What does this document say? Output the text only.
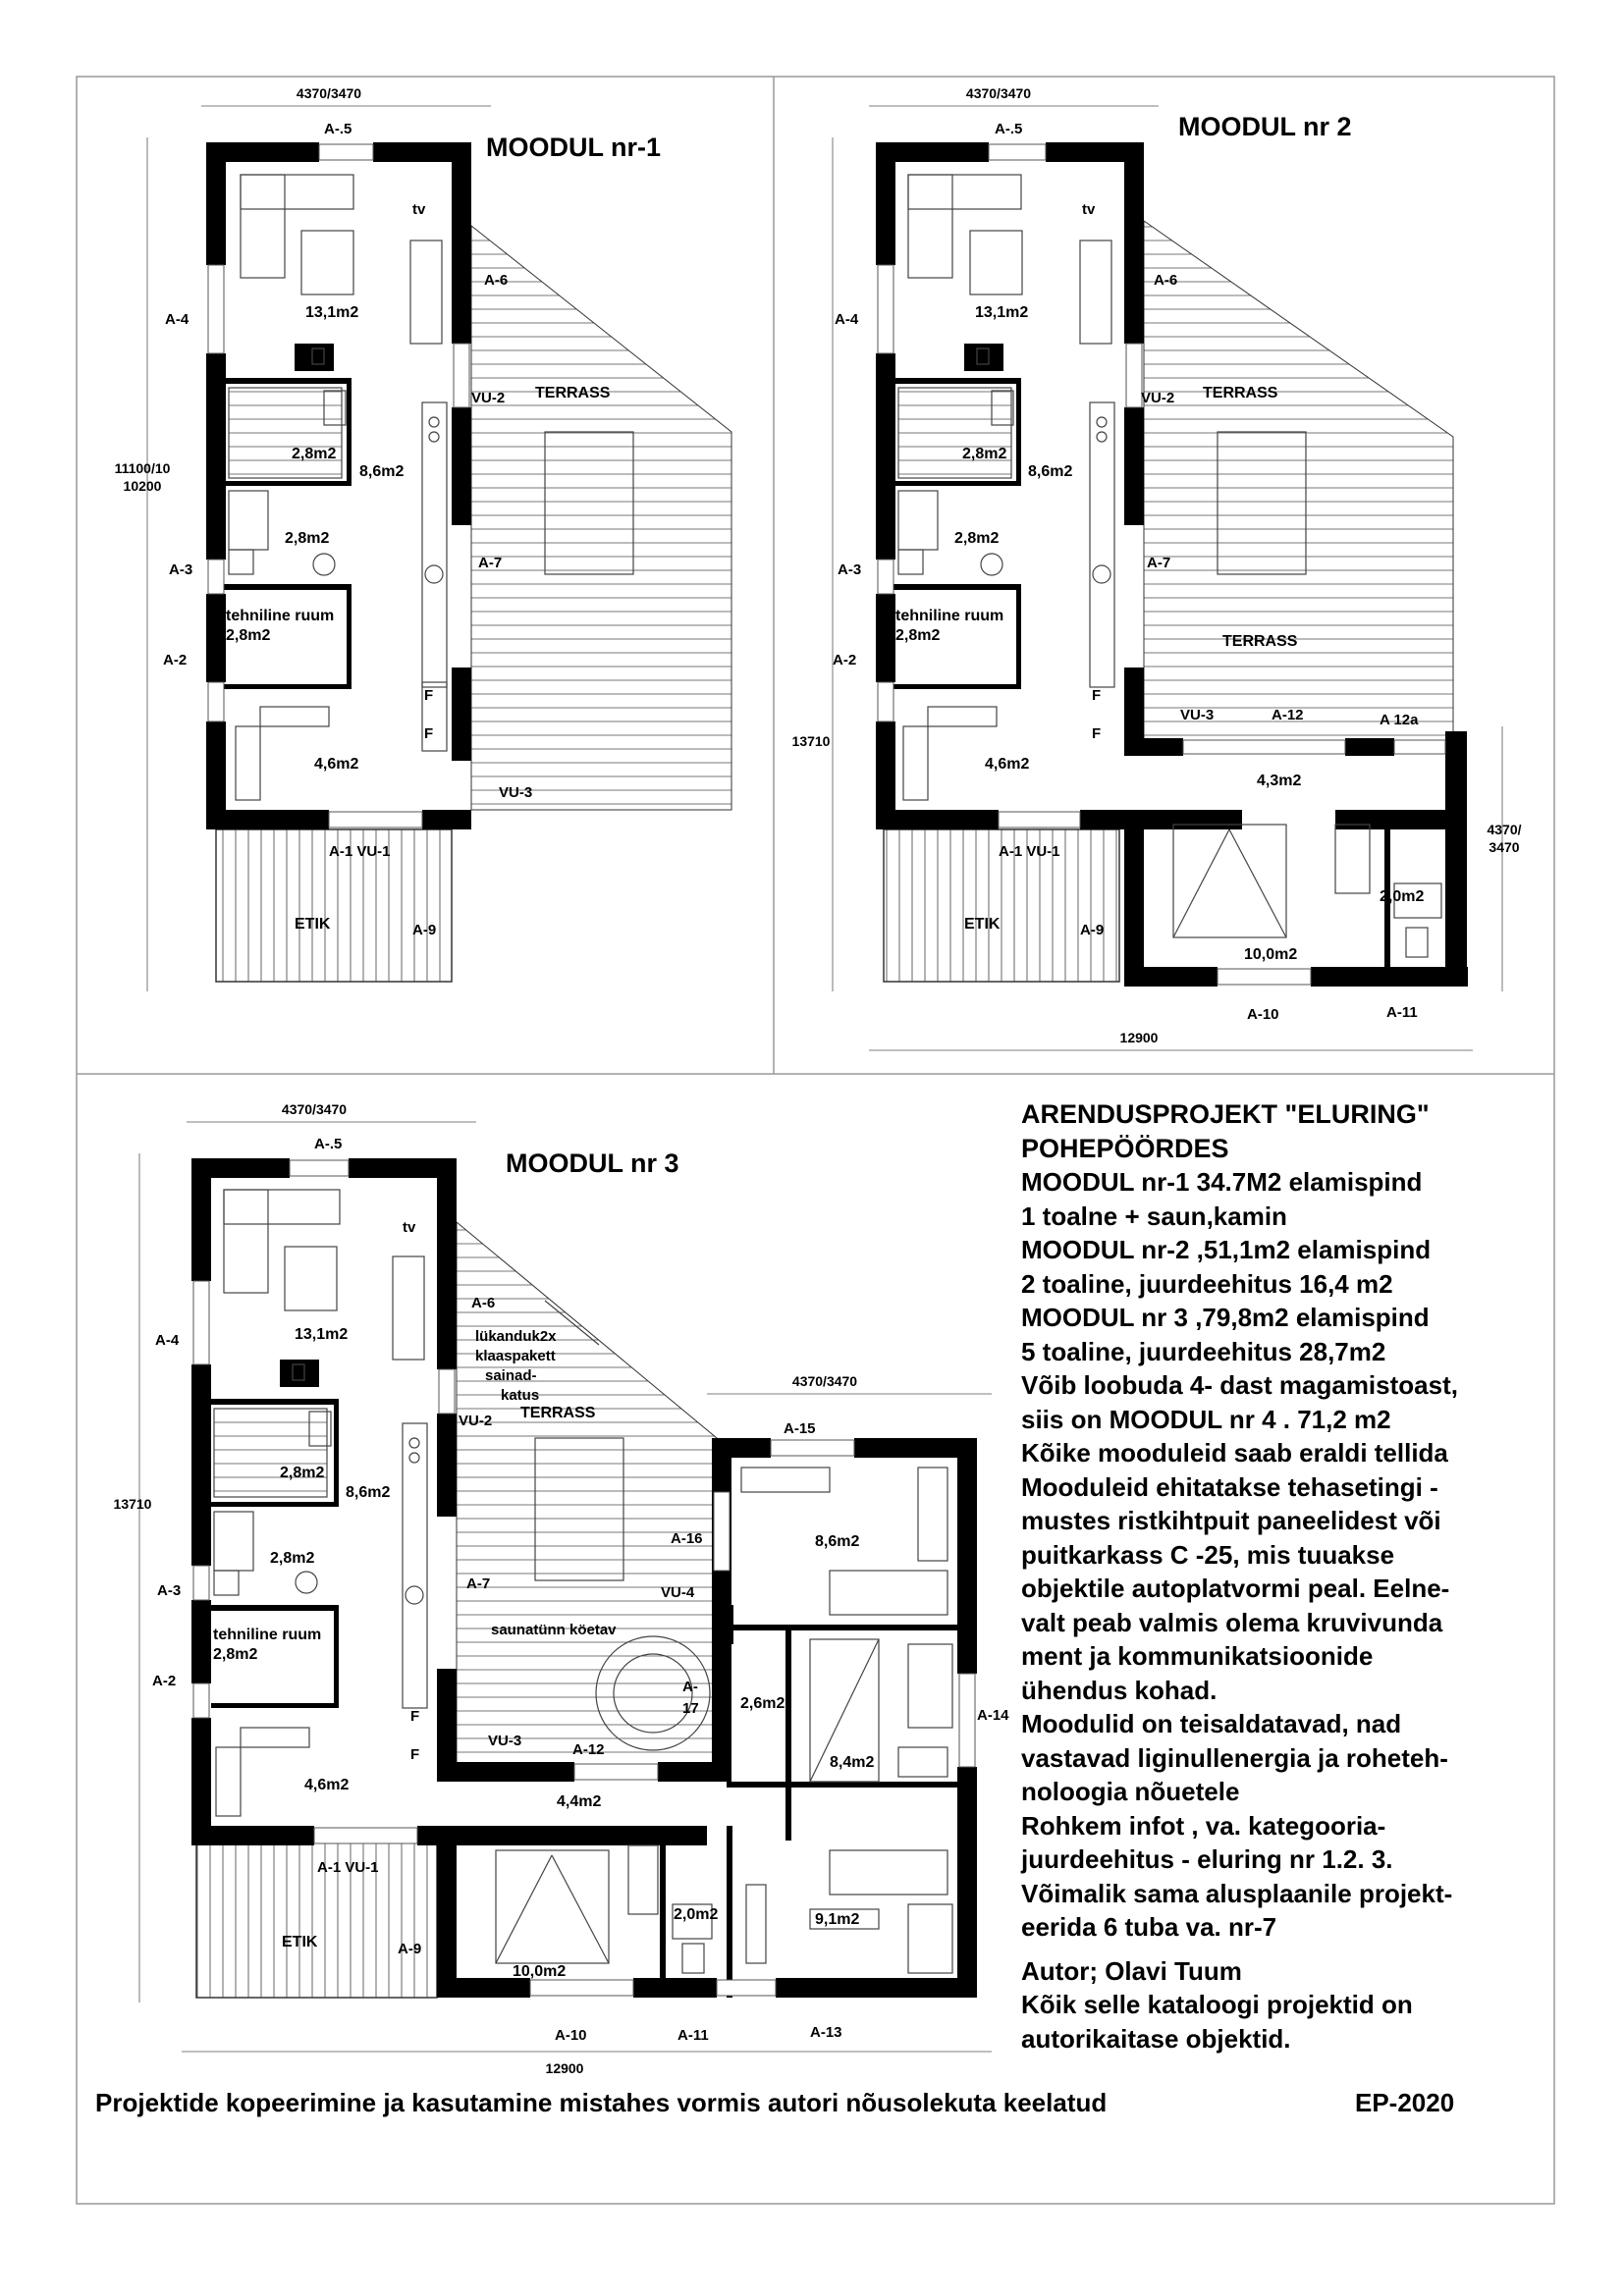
4370/3470
11100/10
10200
MOODUL nr-1
A-.5
tv
A-4
A-6
13,1m2
VU-2 TERRASS
2,8m2
8,6m2
2,8m2
A-3	A-7
tehniline ruum
2,8m2
A-2
F
F
4,6m2
VU-3
A-1 VU-1
ETIK	A-9
4370/3470
13710
4370/
3470
12900
MOODUL nr 2
A-.5
tv
A-4
A-6
13,1m2
VU-2 TERRASS
2,8m2
8,6m2
2,8m2
A-3	A-7
tehniline ruum
2,8m2	TERRASS
A-2
F
F
VU-3	A-12	A 12a
4,6m2
4,3m2
A-1 VU-1
2,0m2
ETIK	A-9
10,0m2
A-10	A-11
4370/3470
4370/3470
13710
12900
MOODUL nr 3
A-.5
tv
A-4
A-6
13,1m2	lükanduk2x
klaaspakett
sainad-
katus
VU-2 TERRASS
A-15
2,8m2
8,6m2
8,6m2
A-16
2,8m2
A-3	A-7
VU-4
saunatünn köetav
tehniline ruum
2,8m2
A-2	A-
17	2,6m2
A-14
F
F
VU-3
A-12
8,4m2
4,6m2
4,4m2
A-1 VU-1
2,0m2	9,1m2
ETIK	A-9
10,0m2
A-10	A-11	A-13
ARENDUSPROJEKT "ELURING"
POHEPÖÖRDES
MOODUL nr-1 34.7M2 elamispind
1 toalne + saun,kamin
MOODUL nr-2 ,51,1m2 elamispind
2 toaline, juurdeehitus 16,4 m2
MOODUL nr 3 ,79,8m2 elamispind
5 toaline, juurdeehitus 28,7m2
Võib loobuda 4- dast magamistoast,
siis on MOODUL nr 4 . 71,2 m2
Kõike mooduleid saab eraldi tellida
Mooduleid ehitatakse tehasetingi -
mustes ristkihtpuit paneelidest või
puitkarkass C -25, mis tuuakse
objektile autoplatvormi peal. Eelne-
valt peab valmis olema kruvivunda
ment ja kommunikatsioonide
ühendus kohad.
Moodulid on teisaldatavad, nad
vastavad liginullenergia ja roheteh-
noloogia nõuetele
Rohkem infot , va. kategooria-
juurdeehitus - eluring nr 1.2. 3.
Võimalik sama alusplaanile projekt-
eerida 6 tuba va. nr-7
Autor; Olavi Tuum
Kõik selle kataloogi projektid on
autorikaitase objektid.
Projektide kopeerimine ja kasutamine mistahes vormis autori nõusolekuta keelatud	EP-2020
